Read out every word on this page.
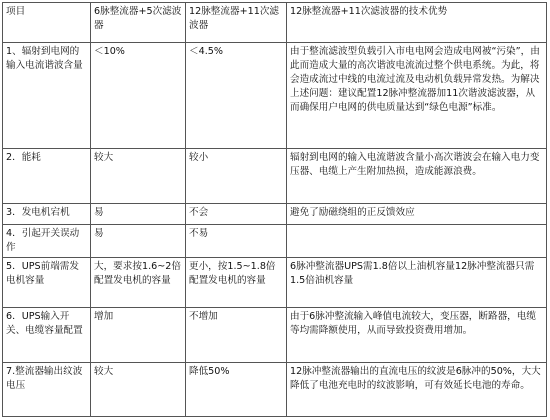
项目	6脉整流器+5次滤波器	12脉整流器+11次滤波器	12脉整流器+11次滤波器的技术优势
1、辐射到电网的输入电流谐波含量	＜10%	＜4.5%	由于整流滤波型负载引入市电电网会造成电网被“污染”，由此而造成大量的高次谐波电流流过整个供电系统。为此，将会造成流过中线的电流过流及电动机负载异常发热。为解决上述问题：建议配置12脉冲整流器加11次谐波滤波器，从而确保用户电网的供电质量达到“绿色电源”标准。
2．能耗	较大	较小	辐射到电网的输入电流谐波含量小高次谐波会在输入电力变压器、电缆上产生附加热损，造成能源浪费。
3．发电机宕机	易	不会	避免了励磁绕组的正反馈效应
4．引起开关误动作	易	不易	
5．UPS前端需发电机容量	大，要求按1.6~2倍配置发电机的容量	更小，按1.5~1.8倍配置发电机的容量	6脉冲整流器UPS需1.8倍以上油机容量12脉冲整流器只需1.5倍油机容量
6．UPS输入开关、电缆容量配置	增加	不增加	由于6脉冲整流输入峰值电流较大，变压器，断路器，电缆等均需降额使用，从而导致投资费用增加。
7.整流器输出纹波电压	较大	降低50%	12脉冲整流器输出的直流电压的纹波是6脉冲的50%，大大降低了电池充电时的纹波影响，可有效延长电池的寿命。
